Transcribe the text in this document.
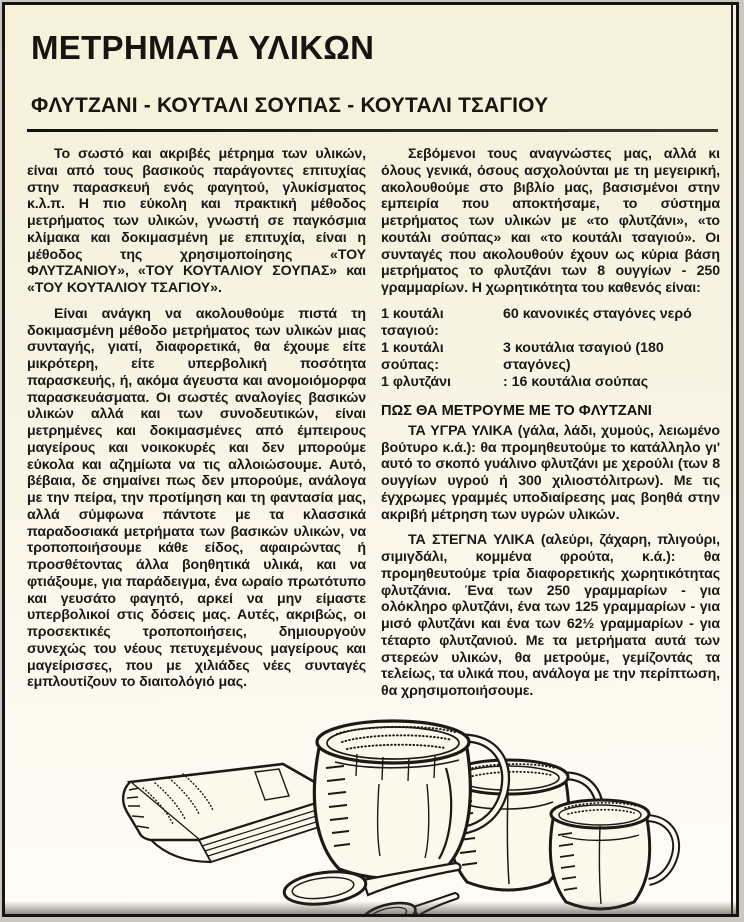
ΜΕΤΡΗΜΑΤΑ ΥΛΙΚΩΝ
ΦΛΥΤΖΑΝΙ - ΚΟΥΤΑΛΙ ΣΟΥΠΑΣ - ΚΟΥΤΑΛΙ ΤΣΑΓΙΟΥ

Το σωστό και ακριβές μέτρημα των υλικών, είναι από τους βασικούς παράγοντες επιτυχίας στην παρασκευή ενός φαγητού, γλυκίσματος κ.λ.π. Η πιο εύκολη και πρακτική μέθοδος μετρήματος των υλικών, γνωστή σε παγκόσμια κλίμακα και δοκιμασμένη με επιτυχία, είναι η μέθοδος της χρησιμοποίησης «ΤΟΥ ΦΛΥΤΖΑΝΙΟΥ», «ΤΟΥ ΚΟΥΤΑΛΙΟΥ ΣΟΥΠΑΣ» και «ΤΟΥ ΚΟΥΤΑΛΙΟΥ ΤΣΑΓΙΟΥ».

Είναι ανάγκη να ακολουθούμε πιστά τη δοκιμασμένη μέθοδο μετρήματος των υλικών μιας συνταγής, γιατί, διαφορετικά, θα έχουμε είτε μικρότερη, είτε υπερβολική ποσότητα παρασκευής, ή, ακόμα άγευστα και ανομοιόμορφα παρασκευάσματα. Οι σωστές αναλογίες βασικών υλικών αλλά και των συνοδευτικών, είναι μετρημένες και δοκιμασμένες από έμπειρους μαγείρους και νοικοκυρές και δεν μπορούμε εύκολα και αζημίωτα να τις αλλοιώσουμε. Αυτό, βέβαια, δε σημαίνει πως δεν μπορούμε, ανάλογα με την πείρα, την προτίμηση και τη φαντασία μας, αλλά σύμφωνα πάντοτε με τα κλασσικά παραδοσιακά μετρήματα των βασικών υλικών, να τροποποιήσουμε κάθε είδος, αφαιρώντας ή προσθέτοντας άλλα βοηθητικά υλικά, και να φτιάξουμε, για παράδειγμα, ένα ωραίο πρωτότυπο και γευσάτο φαγητό, αρκεί να μην είμαστε υπερβολικοί στις δόσεις μας. Αυτές, ακριβώς, οι προσεκτικές τροποποιήσεις, δημιουργούν συνεχώς του νέους πετυχεμένους μαγείρους και μαγείρισσες, που με χιλιάδες νέες συνταγές εμπλουτίζουν το διαιτολόγιό μας.

Σεβόμενοι τους αναγνώστες μας, αλλά κι όλους γενικά, όσους ασχολούνται με τη μεγειρική, ακολουθούμε στο βιβλίο μας, βασισμένοι στην εμπειρία που αποκτήσαμε, το σύστημα μετρήματος των υλικών με «το φλυτζάνι», «το κουτάλι σούπας» και «το κουτάλι τσαγιού». Οι συνταγές που ακολουθούν έχουν ως κύρια βάση μετρήματος το φλυτζάνι των 8 ουγγίων - 250 γραμμαρίων. Η χωρητικότητα του καθενός είναι:

1 κουτάλι τσαγιού:
60 κανονικές σταγόνες νερό
1 κουτάλι σούπας:
3 κουτάλια τσαγιού (180 σταγόνες)
1 φλυτζάνι	: 16 κουτάλια σούπας
ΠΩΣ ΘΑ ΜΕΤΡΟΥΜΕ ΜΕ ΤΟ ΦΛΥΤΖΑΝΙ

ΤΑ ΥΓΡΑ ΥΛΙΚΑ (γάλα, λάδι, χυμούς, λειωμένο βούτυρο κ.ά.): θα προμηθευτούμε το κατάλληλο γι' αυτό το σκοπό γυάλινο φλυτζάνι με χερούλι (των 8 ουγγίων υγρού ή 300 χιλιοστόλιτρων). Με τις έγχρωμες γραμμές υποδιαίρεσης μας βοηθά στην ακριβή μέτρηση των υγρών υλικών.

ΤΑ ΣΤΕΓΝΑ ΥΛΙΚΑ (αλεύρι, ζάχαρη, πλιγούρι, σιμιγδάλι, κομμένα φρούτα, κ.ά.): θα προμηθευτούμε τρία διαφορετικής χωρητικότητας φλυτζάνια. Ένα των 250 γραμμαρίων - για ολόκληρο φλυτζάνι, ένα των 125 γραμμαρίων - για μισό φλυτζάνι και ένα των 62½ γραμμαρίων - για τέταρτο φλυτζανιού. Με τα μετρήματα αυτά των στερεών υλικών, θα μετρούμε, γεμίζοντάς τα τελείως, τα υλικά που, ανάλογα με την περίπτωση, θα χρησιμοποιήσουμε.
